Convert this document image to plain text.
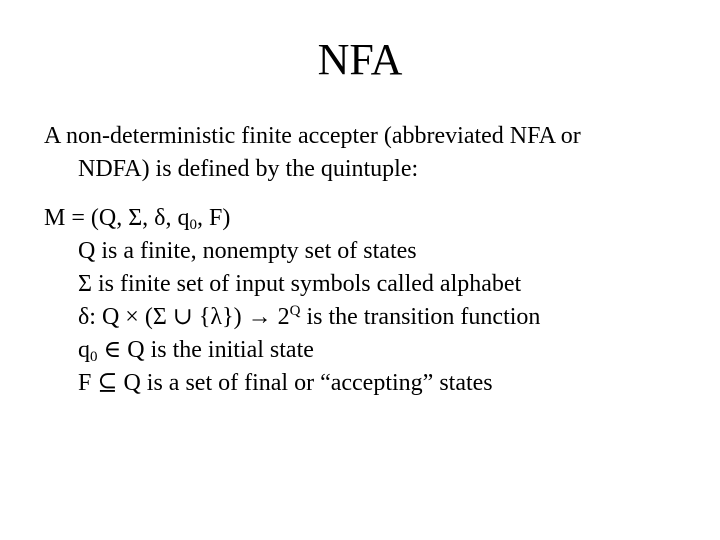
NFA
A non-deterministic finite accepter (abbreviated NFA or
NDFA) is defined by the quintuple:
M = (Q, Σ, δ, $q_0$, F)
Q is a finite, nonempty set of states
Σ is finite set of input symbols called alphabet
δ: Q × (Σ ∪ $\{\lambda\}) \to 2^Q$ is the transition function
$q_0$ ∈ Q is the initial state
F ⊆ Q is a set of final or “accepting” states
